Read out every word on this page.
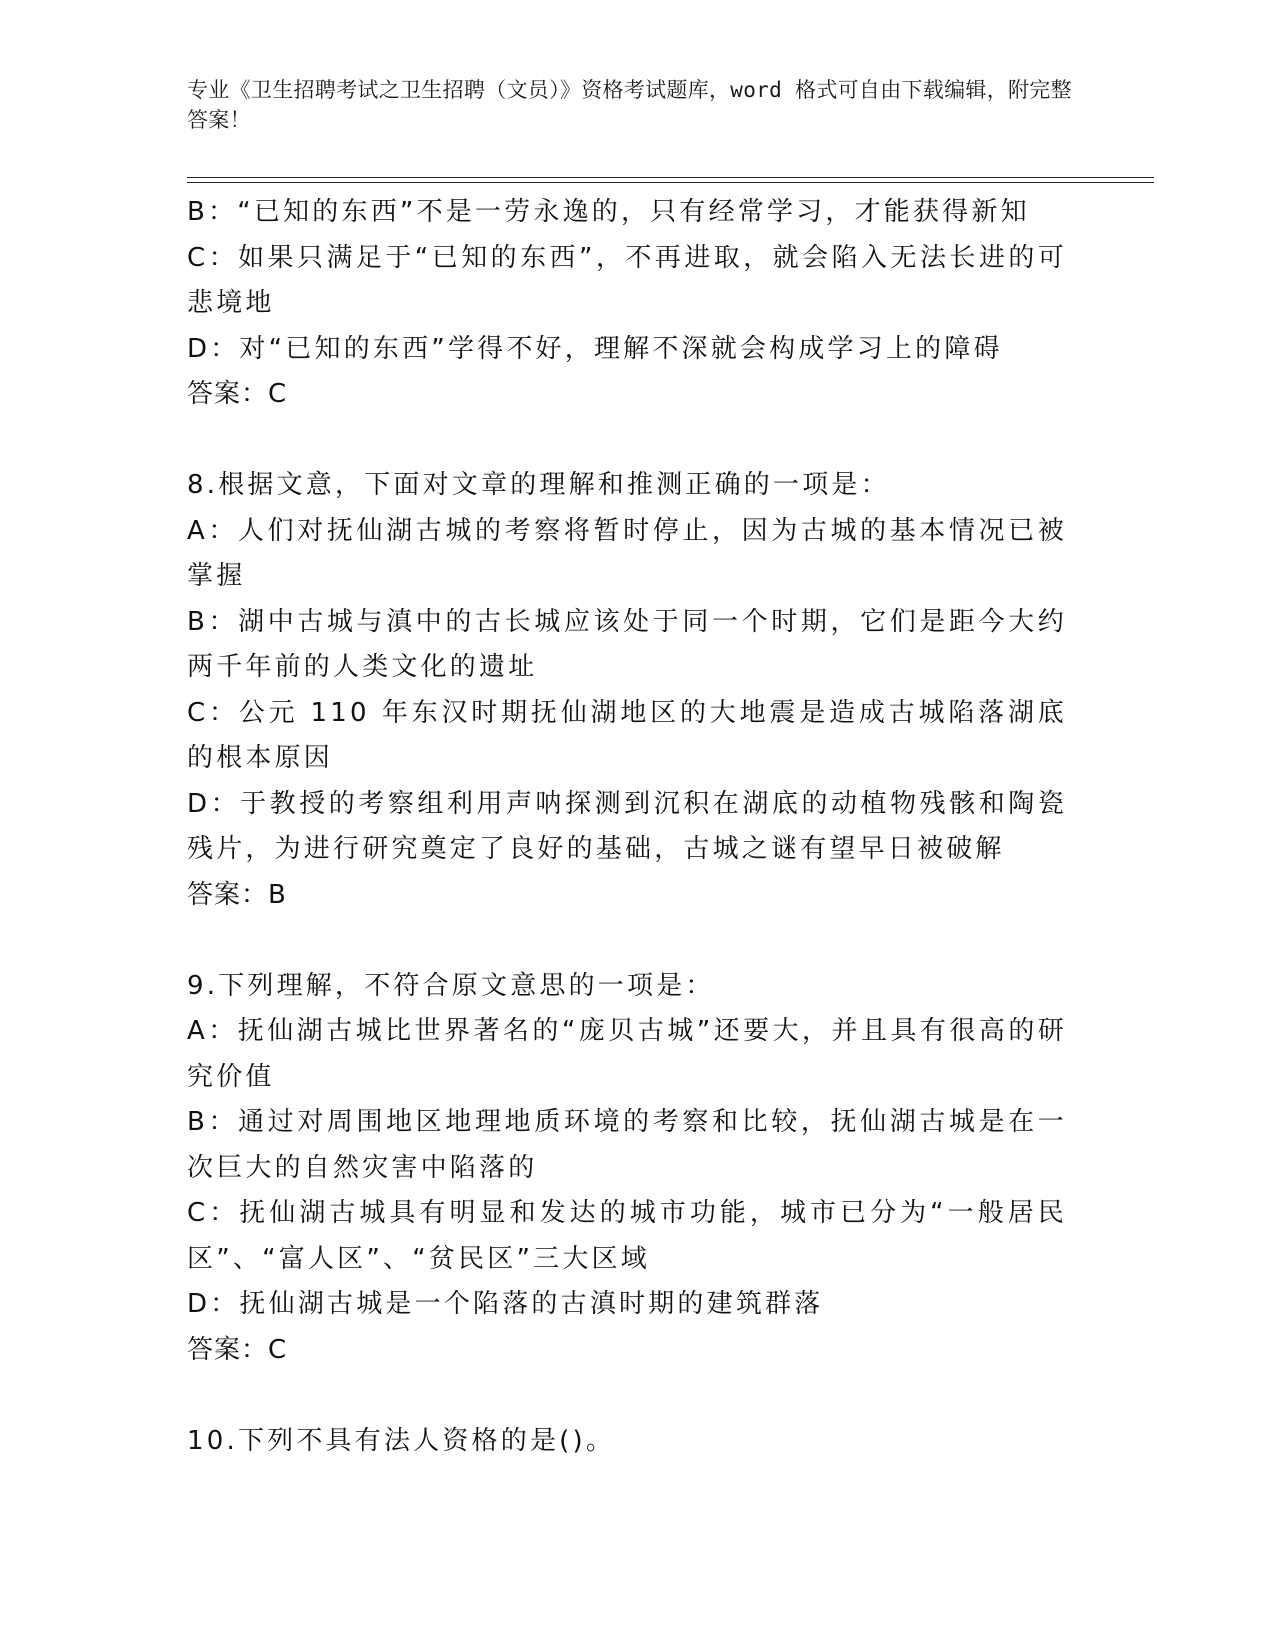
专业《卫生招聘考试之卫生招聘（文员）》资格考试题库，word 格式可自由下载编辑，附完整答案！

B：“已知的东西”不是一劳永逸的，只有经常学习，才能获得新知

C：如果只满足于“已知的东西”，不再进取，就会陷入无法长进的可悲境地

D：对“已知的东西”学得不好，理解不深就会构成学习上的障碍

答案：C

8.根据文意，下面对文章的理解和推测正确的一项是：

A：人们对抚仙湖古城的考察将暂时停止，因为古城的基本情况已被掌握

B：湖中古城与滇中的古长城应该处于同一个时期，它们是距今大约两千年前的人类文化的遗址

C：公元 110 年东汉时期抚仙湖地区的大地震是造成古城陷落湖底的根本原因

D：于教授的考察组利用声呐探测到沉积在湖底的动植物残骸和陶瓷残片，为进行研究奠定了良好的基础，古城之谜有望早日被破解

答案：B

9.下列理解，不符合原文意思的一项是：

A：抚仙湖古城比世界著名的“庞贝古城”还要大，并且具有很高的研究价值

B：通过对周围地区地理地质环境的考察和比较，抚仙湖古城是在一次巨大的自然灾害中陷落的

C：抚仙湖古城具有明显和发达的城市功能，城市已分为“一般居民区”、“富人区”、“贫民区”三大区域

D：抚仙湖古城是一个陷落的古滇时期的建筑群落

答案：C

10.下列不具有法人资格的是()。
